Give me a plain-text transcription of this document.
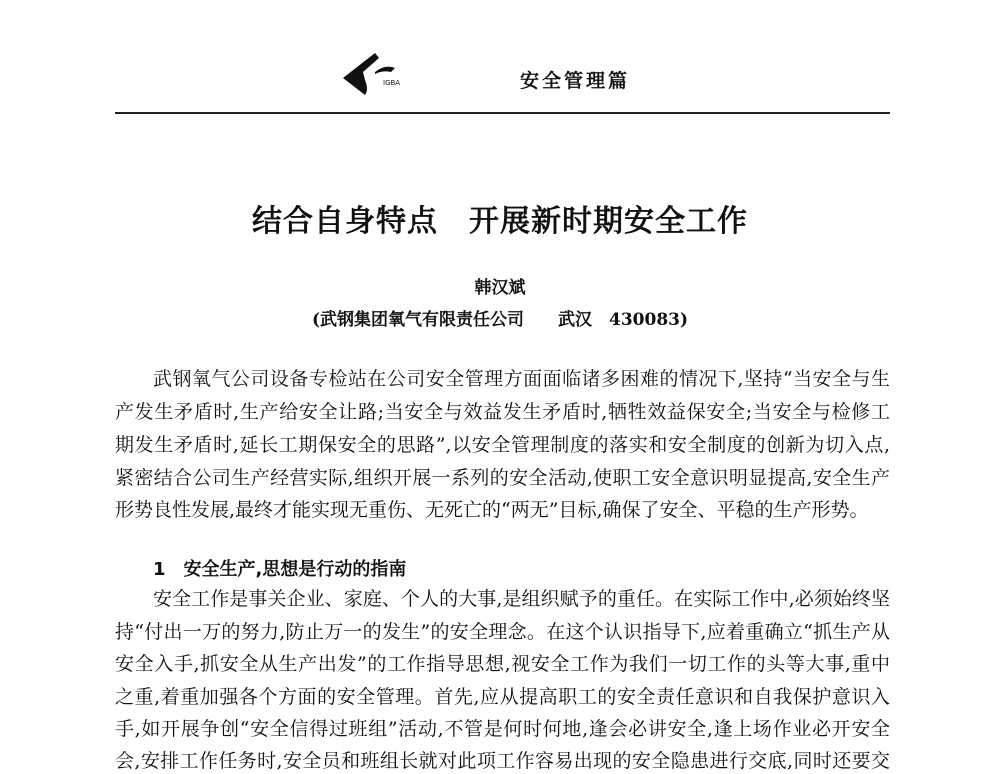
IGBA	安全管理篇
结合自身特点　开展新时期安全工作
韩汉斌
(武钢集团氧气有限责任公司　　武汉　430083)
武钢氧气公司设备专检站在公司安全管理方面面临诸多困难的情况下,坚持“当安全与生
产发生矛盾时,生产给安全让路;当安全与效益发生矛盾时,牺牲效益保安全;当安全与检修工
期发生矛盾时,延长工期保安全的思路”,以安全管理制度的落实和安全制度的创新为切入点,
紧密结合公司生产经营实际,组织开展一系列的安全活动,使职工安全意识明显提高,安全生产
形势良性发展,最终才能实现无重伤、无死亡的“两无”目标,确保了安全、平稳的生产形势。
1　安全生产,思想是行动的指南
安全工作是事关企业、家庭、个人的大事,是组织赋予的重任。在实际工作中,必须始终坚
持“付出一万的努力,防止万一的发生”的安全理念。在这个认识指导下,应着重确立“抓生产从
安全入手,抓安全从生产出发”的工作指导思想,视安全工作为我们一切工作的头等大事,重中
之重,着重加强各个方面的安全管理。首先,应从提高职工的安全责任意识和自我保护意识入
手,如开展争创“安全信得过班组”活动,不管是何时何地,逢会必讲安全,逢上场作业必开安全
会,安排工作任务时,安全员和班组长就对此项工作容易出现的安全隐患进行交底,同时还要交
